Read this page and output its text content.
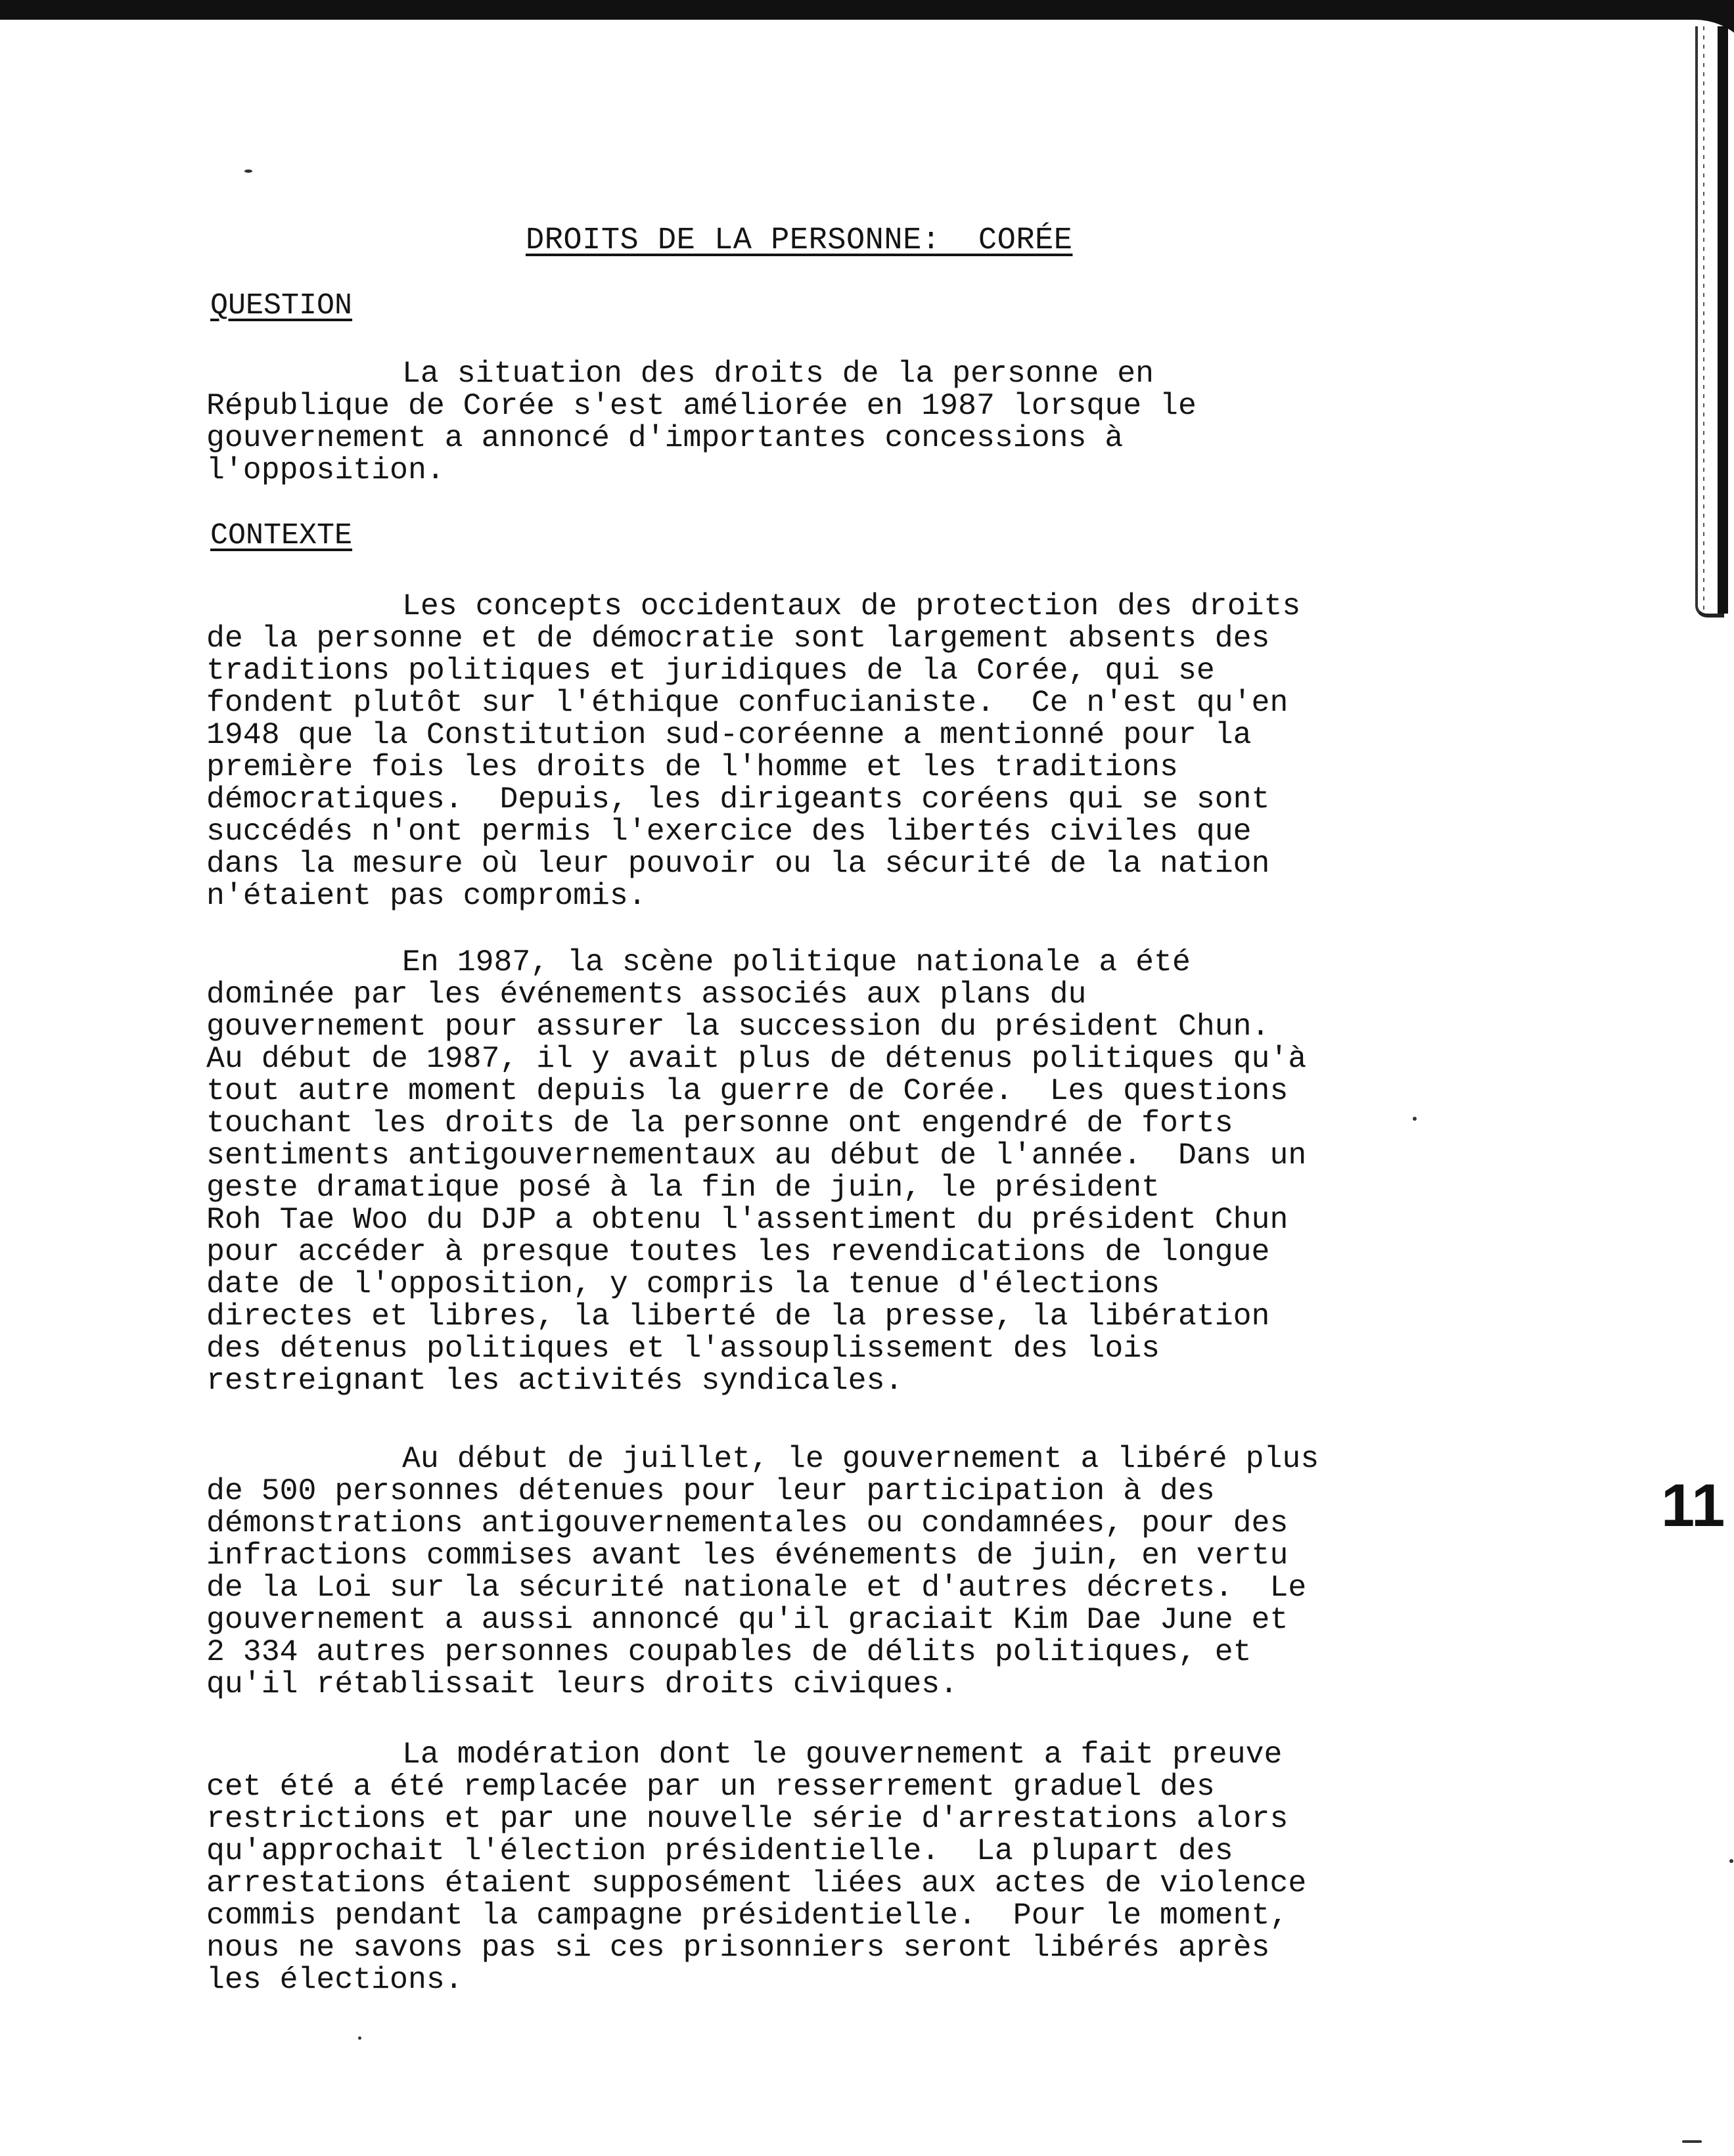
DROITS DE LA PERSONNE:  CORÉE
QUESTION
La situation des droits de la personne en
République de Corée s'est améliorée en 1987 lorsque le
gouvernement a annoncé d'importantes concessions à
l'opposition.
CONTEXTE
Les concepts occidentaux de protection des droits
de la personne et de démocratie sont largement absents des
traditions politiques et juridiques de la Corée, qui se
fondent plutôt sur l'éthique confucianiste.  Ce n'est qu'en
1948 que la Constitution sud-coréenne a mentionné pour la
première fois les droits de l'homme et les traditions
démocratiques.  Depuis, les dirigeants coréens qui se sont
succédés n'ont permis l'exercice des libertés civiles que
dans la mesure où leur pouvoir ou la sécurité de la nation
n'étaient pas compromis.
En 1987, la scène politique nationale a été
dominée par les événements associés aux plans du
gouvernement pour assurer la succession du président Chun.
Au début de 1987, il y avait plus de détenus politiques qu'à
tout autre moment depuis la guerre de Corée.  Les questions
touchant les droits de la personne ont engendré de forts
sentiments antigouvernementaux au début de l'année.  Dans un
geste dramatique posé à la fin de juin, le président
Roh Tae Woo du DJP a obtenu l'assentiment du président Chun
pour accéder à presque toutes les revendications de longue
date de l'opposition, y compris la tenue d'élections
directes et libres, la liberté de la presse, la libération
des détenus politiques et l'assouplissement des lois
restreignant les activités syndicales.
Au début de juillet, le gouvernement a libéré plus
de 500 personnes détenues pour leur participation à des
démonstrations antigouvernementales ou condamnées, pour des
infractions commises avant les événements de juin, en vertu
de la Loi sur la sécurité nationale et d'autres décrets.  Le
gouvernement a aussi annoncé qu'il graciait Kim Dae June et
2 334 autres personnes coupables de délits politiques, et
qu'il rétablissait leurs droits civiques.
La modération dont le gouvernement a fait preuve
cet été a été remplacée par un resserrement graduel des
restrictions et par une nouvelle série d'arrestations alors
qu'approchait l'élection présidentielle.  La plupart des
arrestations étaient supposément liées aux actes de violence
commis pendant la campagne présidentielle.  Pour le moment,
nous ne savons pas si ces prisonniers seront libérés après
les élections.
11
